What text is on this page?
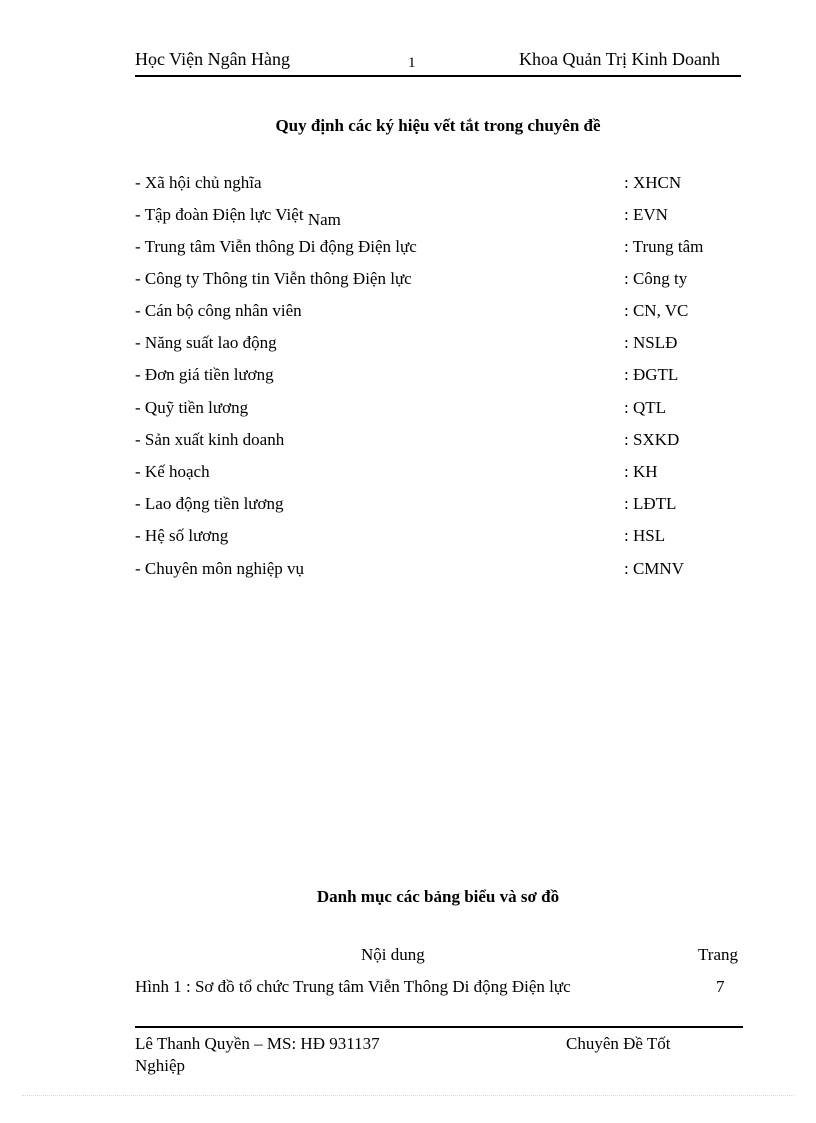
Học Viện Ngân Hàng	1	Khoa Quản Trị Kinh Doanh
Quy định các ký hiệu vết tắt trong chuyên đề
- Xã hội chủ nghĩa	: XHCN
- Tập đoàn Điện lực Việt Nam	: EVN
- Trung tâm Viễn thông Di động Điện lực	: Trung tâm
- Công ty Thông tin Viễn thông Điện lực	: Công ty
- Cán bộ công nhân viên	: CN, VC
- Năng suất lao động	: NSLĐ
- Đơn giá tiền lương	: ĐGTL
- Quỹ tiền lương	: QTL
- Sản xuất kinh doanh	: SXKD
- Kế hoạch	: KH
- Lao động tiền lương	: LĐTL
- Hệ số lương	: HSL
- Chuyên môn nghiệp vụ	: CMNV
Danh mục các bảng biểu và sơ đồ
Nội dung	Trang
Hình 1 : Sơ đồ tổ chức Trung tâm Viễn Thông Di động Điện lực	7
Lê Thanh Quyền – MS: HĐ 931137	Chuyên Đề Tốt
Nghiệp
